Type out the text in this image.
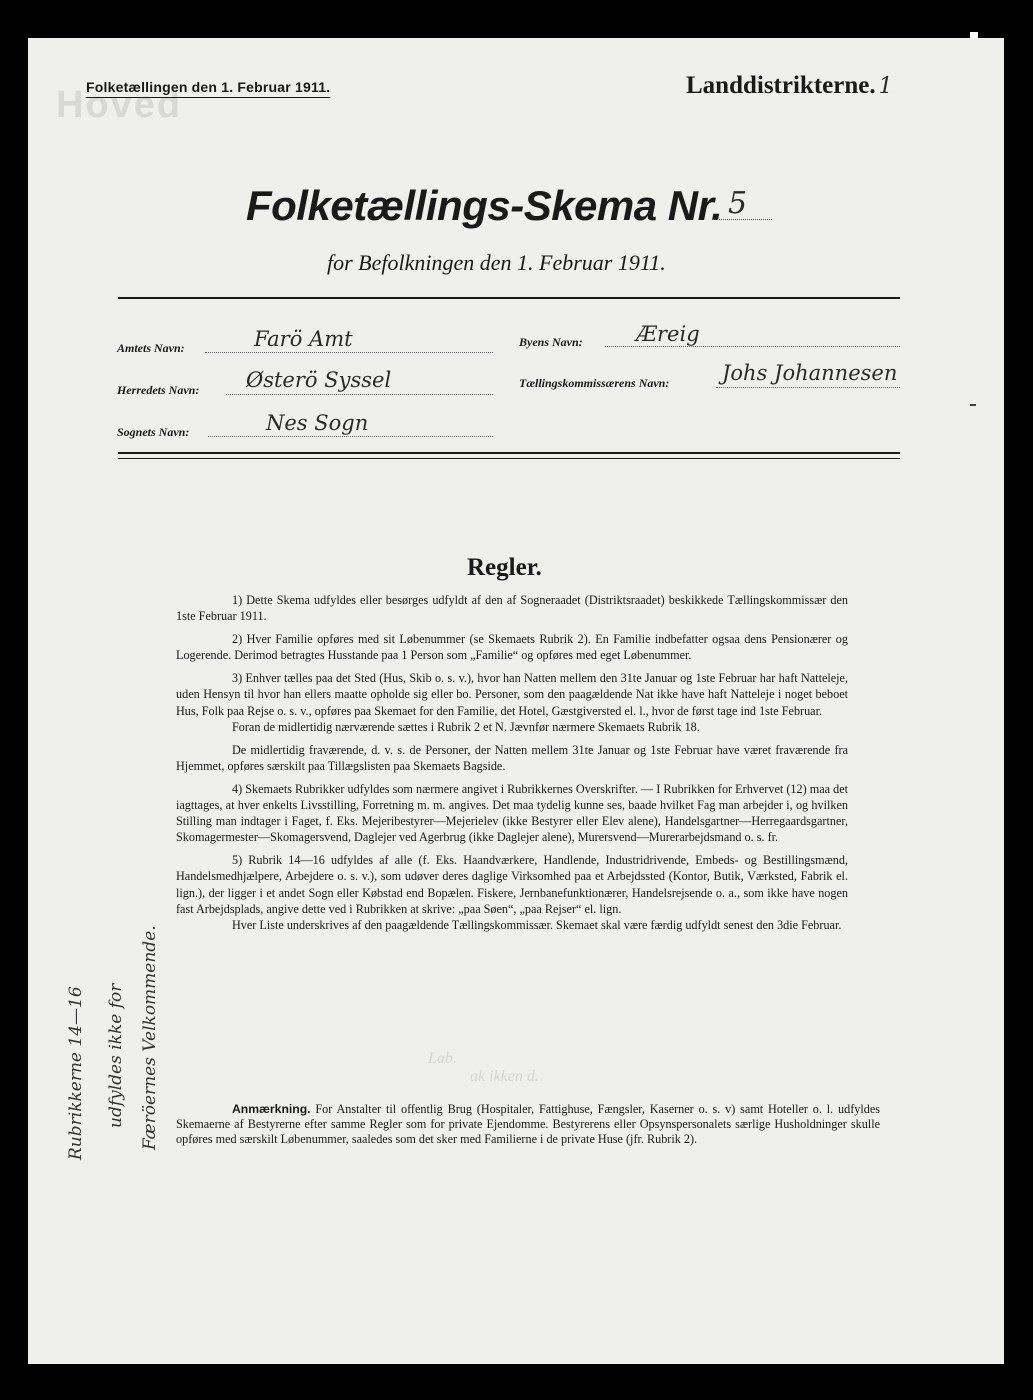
Hoved
Folketællingen den 1. Februar 1911.	Landdistrikterne. 1
Folketællings-Skema Nr. 5
for Befolkningen den 1. Februar 1911.
Amtets Navn:	Farö Amt
Herredets Navn: Østerö Syssel
Sognets Navn:	Nes Sogn
Byens Navn:	Æreig
Tællingskommissærens Navn:	Johs Johannesen
Regler.

1) Dette Skema udfyldes eller besørges udfyldt af den af Sogneraadet (Distriktsraadet) beskikkede Tællingskommissær den 1ste Februar 1911.

2) Hver Familie opføres med sit Løbenummer (se Skemaets Rubrik 2). En Familie indbefatter ogsaa dens Pensionærer og Logerende. Derimod betragtes Husstande paa 1 Person som „Familie“ og opføres med eget Løbenummer.

3) Enhver tælles paa det Sted (Hus, Skib o. s. v.), hvor han Natten mellem den 31te Januar og 1ste Februar har haft Natteleje, uden Hensyn til hvor han ellers maatte opholde sig eller bo. Personer, som den paagældende Nat ikke have haft Natteleje i noget beboet Hus, Folk paa Rejse o. s. v., opføres paa Skemaet for den Familie, det Hotel, Gæstgiversted el. l., hvor de først tage ind 1ste Februar.

Foran de midlertidig nærværende sættes i Rubrik 2 et N. Jævnfør nærmere Skemaets Rubrik 18.

De midlertidig fraværende, d. v. s. de Personer, der Natten mellem 31te Januar og 1ste Februar have været fraværende fra Hjemmet, opføres særskilt paa Tillægslisten paa Skemaets Bagside.

4) Skemaets Rubrikker udfyldes som nærmere angivet i Rubrikkernes Overskrifter. — I Rubrikken for Erhvervet (12) maa det iagttages, at hver enkelts Livsstilling, Forretning m. m. angives. Det maa tydelig kunne ses, baade hvilket Fag man arbejder i, og hvilken Stilling man indtager i Faget, f. Eks. Mejeribestyrer—Mejerielev (ikke Bestyrer eller Elev alene), Handelsgartner—Herregaardsgartner, Skomagermester—Skomagersvend, Daglejer ved Agerbrug (ikke Daglejer alene), Murersvend—Murerarbejdsmand o. s. fr.

5) Rubrik 14—16 udfyldes af alle (f. Eks. Haandværkere, Handlende, Industridrivende, Embeds- og Bestillingsmænd, Handelsmedhjælpere, Arbejdere o. s. v.), som udøver deres daglige Virksomhed paa et Arbejdssted (Kontor, Butik, Værksted, Fabrik el. lign.), der ligger i et andet Sogn eller Købstad end Bopælen. Fiskere, Jernbanefunktionærer, Handelsrejsende o. a., som ikke have nogen fast Arbejdsplads, angive dette ved i Rubrikken at skrive: „paa Søen“, „paa Rejser“ el. lign.

Hver Liste underskrives af den paagældende Tællingskommissær. Skemaet skal være færdig udfyldt senest den 3die Februar.

Lab.
ak ikken d.
Anmærkning. For Anstalter til offentlig Brug (Hospitaler, Fattighuse, Fængsler, Kaserner o. s. v) samt Hoteller o. l. udfyldes Skemaerne af Bestyrerne efter samme Regler som for private Ejendomme. Bestyrerens eller Opsynspersonalets særlige Husholdninger skulle opføres med særskilt Løbenummer, saaledes som det sker med Familierne i de private Huse (jfr. Rubrik 2).
Rubrikkerne 14—16 udfyldes ikke for Færöernes Velkommende.
